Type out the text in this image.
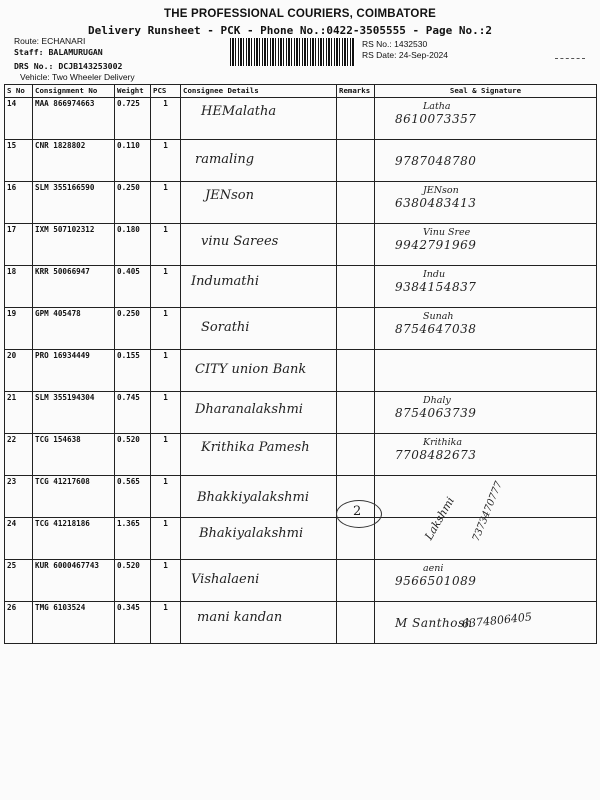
THE PROFESSIONAL COURIERS, COIMBATORE
Delivery Runsheet - PCK - Phone No.:0422-3505555 - Page No.:2
Route: ECHANARI
Staff: BALAMURUGAN
DRS No.: DCJB143253002
Vehicle: Two Wheeler Delivery
RS No.: 1432530
RS Date: 24-Sep-2024
S No	Consignment No	Weight	PCS	Consignee Details	Remarks	Seal & Signature
14	MAA 866974663	0.725	1	HEMalatha		Latha
8610073357

15	CNR 1828802	0.110	1	ramaling		9787048780

16	SLM 355166590	0.250	1	JENson		JENson
6380483413

17	IXM 507102312	0.180	1	vinu Sarees		Vinu Sree
9942791969

18	KRR 50066947	0.405	1	Indumathi		Indu
9384154837

19	GPM 405478	0.250	1	Sorathi		Sunah
8754647038

20	PRO 16934449	0.155	1	CITY union Bank		

21	SLM 355194304	0.745	1	Dharanalakshmi		Dhaly
8754063739

22	TCG 154638	0.520	1	Krithika Pamesh		Krithika
7708482673

23	TCG 41217608	0.565	1	Bhakkiyalakshmi		

24	TCG 41218186	1.365	1	Bhakiyalakshmi		

25	KUR 6000467743	0.520	1	Vishalaeni		aeni
9566501089

26	TMG 6103524	0.345	1	mani kandan		M Santhosh
Lakshmi 7373470777
2
6374806405
